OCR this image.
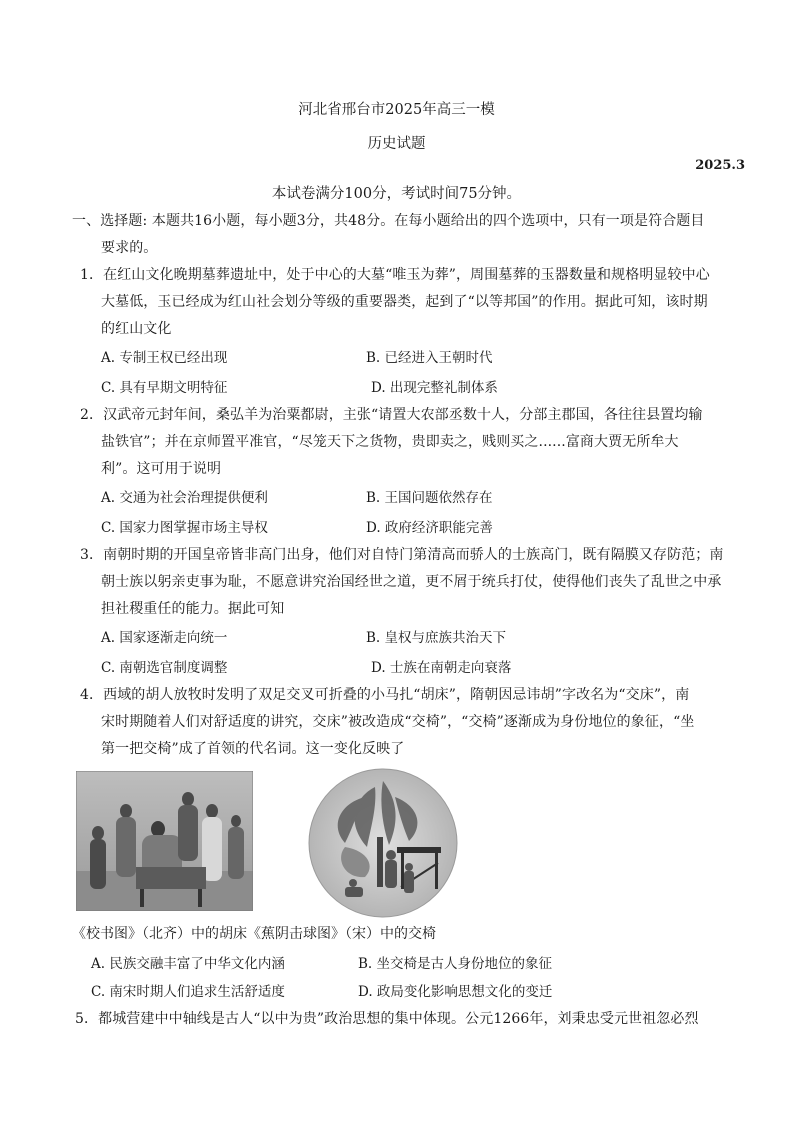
河北省邢台市2025年高三一模
历史试题
2025.3
本试卷满分100分，考试时间75分钟。
一、选择题: 本题共16小题，每小题3分，共48分。在每小题给出的四个选项中，只有一项是符合题目
要求的。
1．在红山文化晚期墓葬遗址中，处于中心的大墓“唯玉为葬”，周围墓葬的玉器数量和规格明显较中心
大墓低，玉已经成为红山社会划分等级的重要器类，起到了“以等邦国”的作用。据此可知，该时期
的红山文化
A. 专制王权已经出现	B. 已经进入王朝时代
C. 具有早期文明特征	D. 出现完整礼制体系
2．汉武帝元封年间，桑弘羊为治粟都尉，主张“请置大农部丞数十人，分部主郡国，各往往县置均输
盐铁官”；并在京师置平准官，“尽笼天下之货物，贵即卖之，贱则买之......富商大贾无所牟大
利”。这可用于说明
A. 交通为社会治理提供便利	B. 王国问题依然存在
C. 国家力图掌握市场主导权	D. 政府经济职能完善
3．南朝时期的开国皇帝皆非高门出身，他们对自恃门第清高而骄人的士族高门，既有隔膜又存防范；南
朝士族以躬亲吏事为耻，不愿意讲究治国经世之道，更不屑于统兵打仗，使得他们丧失了乱世之中承
担社稷重任的能力。据此可知
A. 国家逐渐走向统一	B. 皇权与庶族共治天下
C. 南朝选官制度调整	D. 士族在南朝走向衰落
4．西域的胡人放牧时发明了双足交叉可折叠的小马扎“胡床”，隋朝因忌讳胡”字改名为“交床”，南
宋时期随着人们对舒适度的讲究，交床”被改造成“交椅”，“交椅”逐渐成为身份地位的象征，“坐
第一把交椅”成了首领的代名词。这一变化反映了
《校书图》（北齐）中的胡床《蕉阴击球图》（宋）中的交椅
A. 民族交融丰富了中华文化内涵	B. 坐交椅是古人身份地位的象征
C. 南宋时期人们追求生活舒适度	D. 政局变化影响思想文化的变迁
5．都城营建中中轴线是古人“以中为贵”政治思想的集中体现。公元1266年，刘秉忠受元世祖忽必烈
